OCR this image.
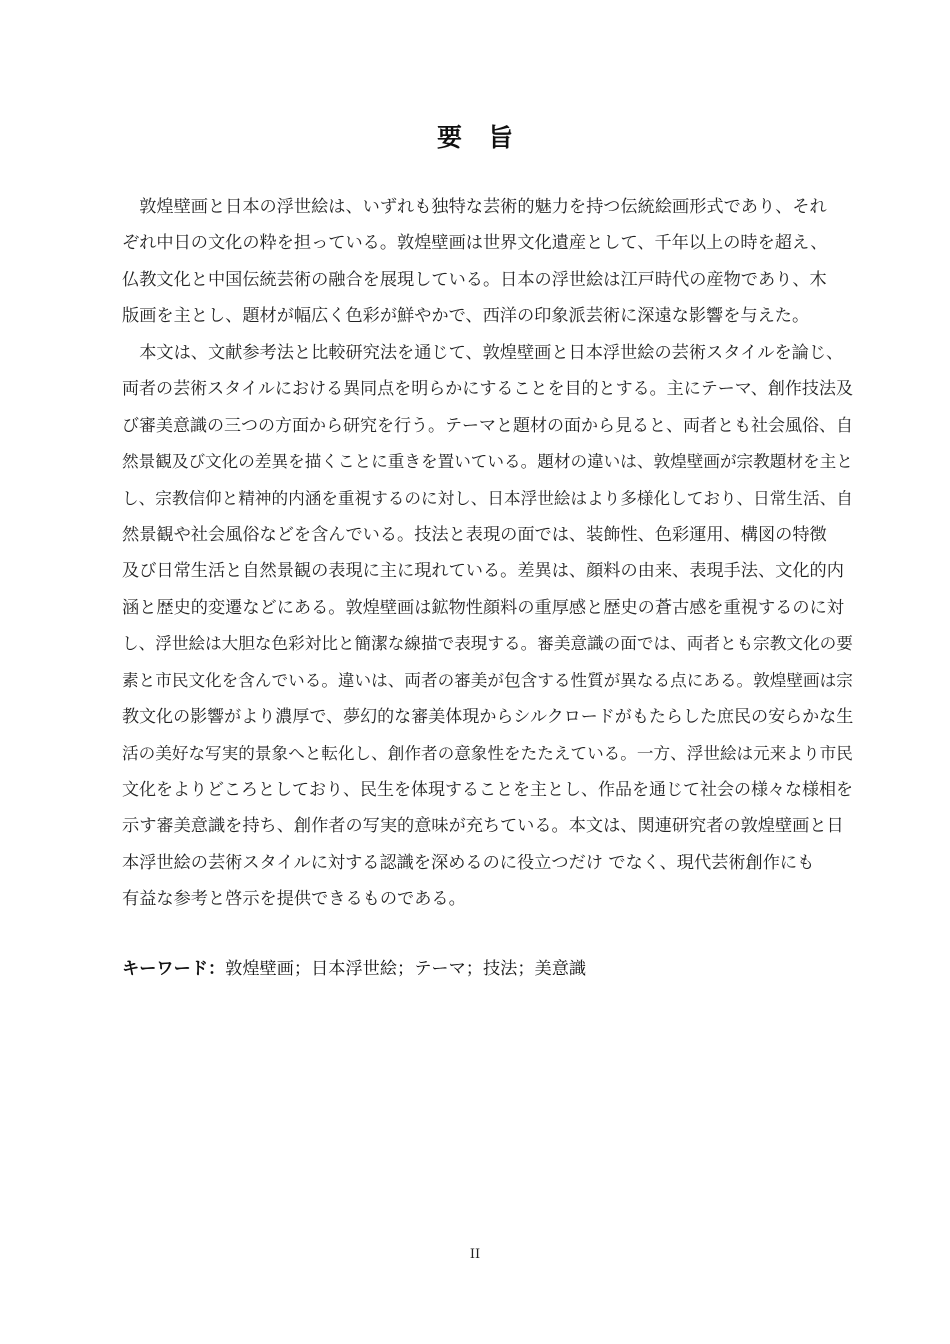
要 旨

敦煌壁画と日本の浮世絵は、いずれも独特な芸術的魅力を持つ伝統絵画形式であり、それ
ぞれ中日の文化の粋を担っている。敦煌壁画は世界文化遺産として、千年以上の時を超え、
仏教文化と中国伝統芸術の融合を展現している。日本の浮世絵は江戸時代の産物であり、木
版画を主とし、題材が幅広く色彩が鮮やかで、西洋の印象派芸術に深遠な影響を与えた。

本文は、文献参考法と比較研究法を通じて、敦煌壁画と日本浮世絵の芸術スタイルを論じ、
両者の芸術スタイルにおける異同点を明らかにすることを目的とする。主にテーマ、創作技法及
び審美意識の三つの方面から研究を行う。テーマと題材の面から見ると、両者とも社会風俗、自
然景観及び文化の差異を描くことに重きを置いている。題材の違いは、敦煌壁画が宗教題材を主と
し、宗教信仰と精神的内涵を重視するのに対し、日本浮世絵はより多様化しており、日常生活、自
然景観や社会風俗などを含んでいる。技法と表現の面では、装飾性、色彩運用、構図の特徴
及び日常生活と自然景観の表現に主に現れている。差異は、顔料の由来、表現手法、文化的内
涵と歴史的変遷などにある。敦煌壁画は鉱物性顔料の重厚感と歴史の蒼古感を重視するのに対
し、浮世絵は大胆な色彩対比と簡潔な線描で表現する。審美意識の面では、両者とも宗教文化の要
素と市民文化を含んでいる。違いは、両者の審美が包含する性質が異なる点にある。敦煌壁画は宗
教文化の影響がより濃厚で、夢幻的な審美体現からシルクロードがもたらした庶民の安らかな生
活の美好な写実的景象へと転化し、創作者の意象性をたたえている。一方、浮世絵は元来より市民
文化をよりどころとしており、民生を体現することを主とし、作品を通じて社会の様々な様相を
示す審美意識を持ち、創作者の写実的意味が充ちている。本文は、関連研究者の敦煌壁画と日
本浮世絵の芸術スタイルに対する認識を深めるのに役立つだけ でなく、現代芸術創作にも
有益な参考と啓示を提供できるものである。

キーワード：敦煌壁画；日本浮世絵；テーマ；技法；美意識
II
